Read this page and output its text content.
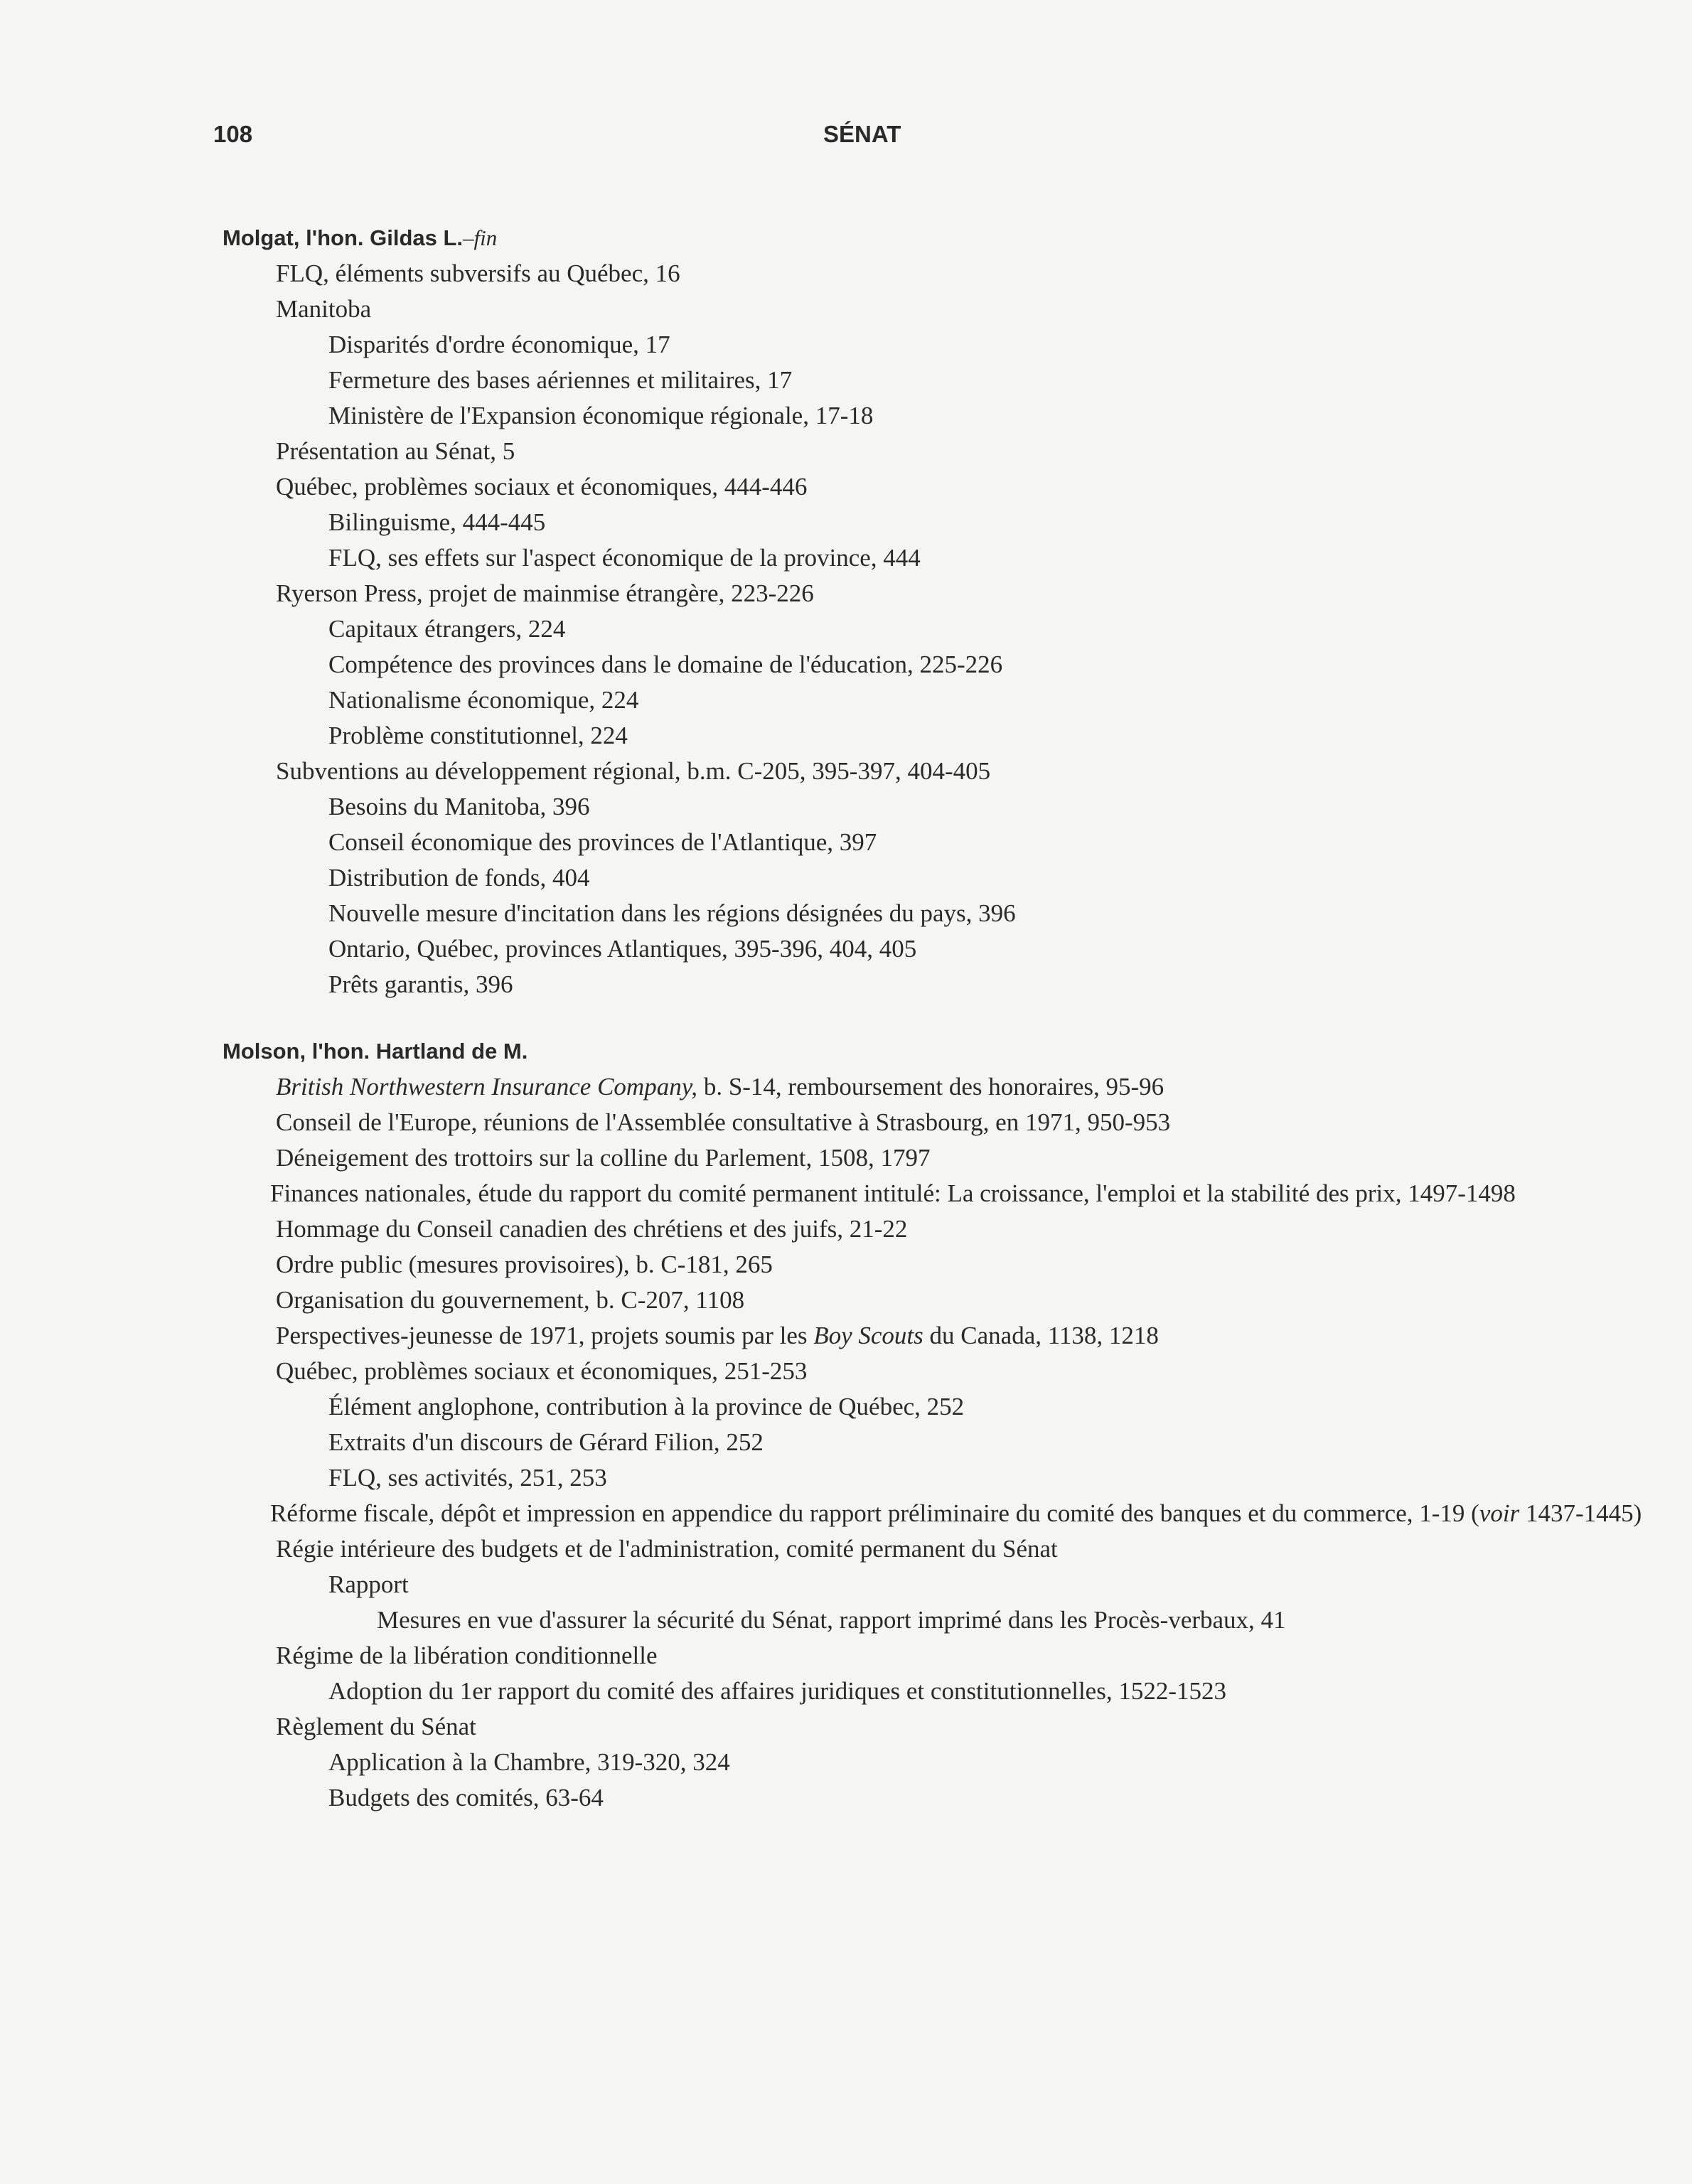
108	SÉNAT
Molgat, l'hon. Gildas L.–fin
FLQ, éléments subversifs au Québec, 16
Manitoba
Disparités d'ordre économique, 17
Fermeture des bases aériennes et militaires, 17
Ministère de l'Expansion économique régionale, 17-18
Présentation au Sénat, 5
Québec, problèmes sociaux et économiques, 444-446
Bilinguisme, 444-445
FLQ, ses effets sur l'aspect économique de la province, 444
Ryerson Press, projet de mainmise étrangère, 223-226
Capitaux étrangers, 224
Compétence des provinces dans le domaine de l'éducation, 225-226
Nationalisme économique, 224
Problème constitutionnel, 224
Subventions au développement régional, b.m. C-205, 395-397, 404-405
Besoins du Manitoba, 396
Conseil économique des provinces de l'Atlantique, 397
Distribution de fonds, 404
Nouvelle mesure d'incitation dans les régions désignées du pays, 396
Ontario, Québec, provinces Atlantiques, 395-396, 404, 405
Prêts garantis, 396
Molson, l'hon. Hartland de M.
British Northwestern Insurance Company, b. S-14, remboursement des honoraires, 95-96
Conseil de l'Europe, réunions de l'Assemblée consultative à Strasbourg, en 1971, 950-953
Déneigement des trottoirs sur la colline du Parlement, 1508, 1797
Finances nationales, étude du rapport du comité permanent intitulé: La croissance, l'emploi et la stabilité des prix, 1497-1498
Hommage du Conseil canadien des chrétiens et des juifs, 21-22
Ordre public (mesures provisoires), b. C-181, 265
Organisation du gouvernement, b. C-207, 1108
Perspectives-jeunesse de 1971, projets soumis par les Boy Scouts du Canada, 1138, 1218
Québec, problèmes sociaux et économiques, 251-253
Élément anglophone, contribution à la province de Québec, 252
Extraits d'un discours de Gérard Filion, 252
FLQ, ses activités, 251, 253
Réforme fiscale, dépôt et impression en appendice du rapport préliminaire du comité des banques et du commerce, 1-19 (voir 1437-1445)
Régie intérieure des budgets et de l'administration, comité permanent du Sénat
Rapport
Mesures en vue d'assurer la sécurité du Sénat, rapport imprimé dans les Procès-verbaux, 41
Régime de la libération conditionnelle
Adoption du 1er rapport du comité des affaires juridiques et constitutionnelles, 1522-1523
Règlement du Sénat
Application à la Chambre, 319-320, 324
Budgets des comités, 63-64
